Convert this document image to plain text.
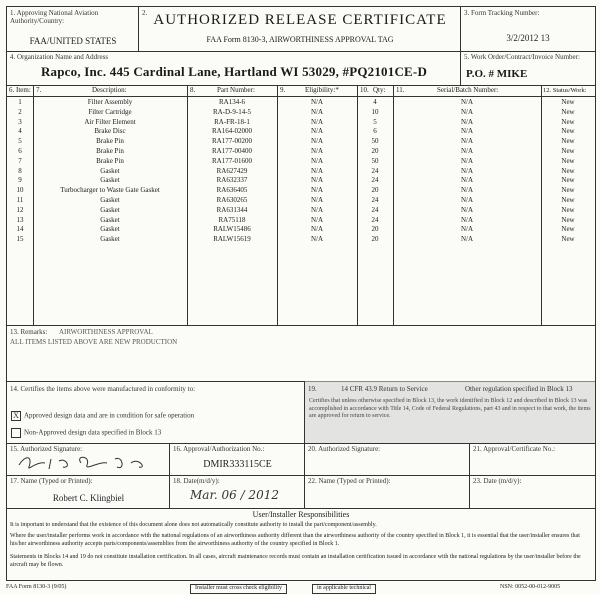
1. Approving National Aviation Authority/Country:
FAA/UNITED STATES
2. AUTHORIZED RELEASE CERTIFICATE
FAA Form 8130-3, AIRWORTHINESS APPROVAL TAG
3. Form Tracking Number:
3/2/2012 13
4. Organization Name and Address
Rapco, Inc. 445 Cardinal Lane, Hartland WI 53029, #PQ2101CE-D
5. Work Order/Contract/Invoice Number:
P.O. # MIKE
6. Item: 7.	Description:	8.	Part Number:	9.	Eligibility:*	10. Qty: 11.	Serial/Batch Number:	12. Status/Work:
1	Filter Assembly	RA134-6	N/A	4	N/A	New
2	Filter Cartridge	RA-D-9-14-5	N/A	10	N/A	New
3	Air Filter Element	RA-FR-18-1	N/A	5	N/A	New
4	Brake Disc	RA164-02000	N/A	6	N/A	New
5	Brake Pin	RA177-00200	N/A	50	N/A	New
6	Brake Pin	RA177-00400	N/A	20	N/A	New
7	Brake Pin	RA177-01600	N/A	50	N/A	New
8	Gasket	RA627429	N/A	24	N/A	New
9	Gasket	RA632337	N/A	24	N/A	New
10	Turbocharger to Waste Gate Gasket	RA636405	N/A	20	N/A	New
11	Gasket	RA630265	N/A	24	N/A	New
12	Gasket	RA631344	N/A	24	N/A	New
13	Gasket	RA75118	N/A	24	N/A	New
14	Gasket	RALW15486	N/A	20	N/A	New
15	Gasket	RALW15619	N/A	20	N/A	New
13. Remarks: AIRWORTHINESS APPROVAL
ALL ITEMS LISTED ABOVE ARE NEW PRODUCTION
14. Certifies the items above were manufactured in conformity to:
X Approved design data and are in condition for safe operation
Non-Approved design data specified in Block 13
19.	14 CFR 43.9 Return to Service	Other regulation specified in Block 13
Certifies that unless otherwise specified in Block 13, the work identified in Block 12 and described in Block 13 was accomplished in accordance with Title 14, Code of Federal Regulations, part 43 and in respect to that work, the items are approved for return to service.
15. Authorized Signature:	16. Approval/Authorization No.:
DMIR333115CE
20. Authorized Signature:	21. Approval/Certificate No.:
17. Name (Typed or Printed):
Robert C. Klingbiel
18. Date(m/d/y):
Mar. 06 / 2012
22. Name (Typed or Printed):	23. Date (m/d/y):
User/Installer Responsibilities
It is important to understand that the existence of this document alone does not automatically constitute authority to install the part/component/assembly.
Where the user/installer performs work in accordance with the national regulations of an airworthiness authority different than the airworthiness authority of the country specified in Block 1, it is essential that the user/installer ensures that his/her airworthiness authority accepts parts/components/assemblies from the airworthiness authority of the country specified in Block 1.
Statements in Blocks 14 and 19 do not constitute installation certification. In all cases, aircraft maintenance records must contain an installation certification issued in accordance with the national regulations by the user/installer before the aircraft may be flown.
FAA Form 8130-3 (9/05)	Installer must cross check eligibility	in applicable technical	NSN: 0052-00-012-9005
